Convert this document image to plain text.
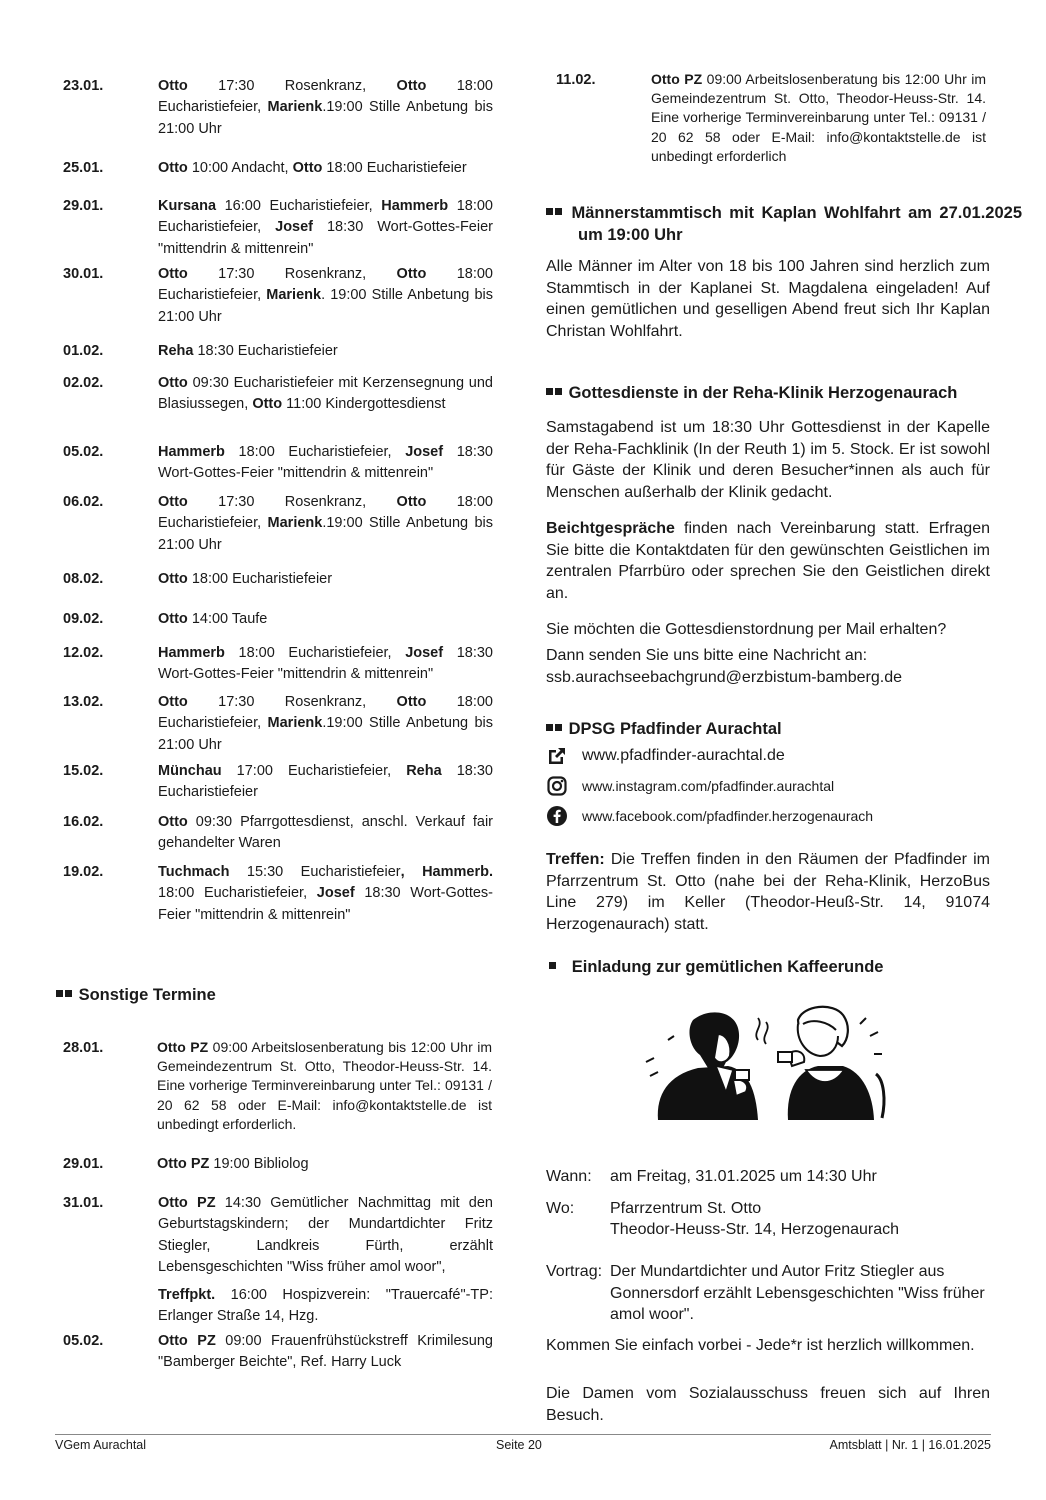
23.01.	Otto 17:30 Rosenkranz, Otto 18:00 Eucharistiefeier, Marienk.19:00 Stille Anbetung bis 21:00 Uhr
25.01.	Otto 10:00 Andacht, Otto 18:00 Eucharistiefeier
29.01.	Kursana 16:00 Eucharistiefeier, Hammerb 18:00 Eucharistiefeier, Josef 18:30 Wort-Gottes-Feier "mittendrin & mittenrein"
30.01.	Otto 17:30 Rosenkranz, Otto 18:00 Eucharistiefeier, Marienk. 19:00 Stille Anbetung bis 21:00 Uhr
01.02.	Reha 18:30 Eucharistiefeier
02.02.	Otto 09:30 Eucharistiefeier mit Kerzensegnung und Blasiussegen, Otto 11:00 Kindergottesdienst
05.02.	Hammerb 18:00 Eucharistiefeier, Josef 18:30 Wort-Gottes-Feier "mittendrin & mittenrein"
06.02.	Otto 17:30 Rosenkranz, Otto 18:00 Eucharistiefeier, Marienk.19:00 Stille Anbetung bis 21:00 Uhr
08.02.	Otto 18:00 Eucharistiefeier
09.02.	Otto 14:00 Taufe
12.02.	Hammerb 18:00 Eucharistiefeier, Josef 18:30 Wort-Gottes-Feier "mittendrin & mittenrein"
13.02.	Otto 17:30 Rosenkranz, Otto 18:00 Eucharistiefeier, Marienk.19:00 Stille Anbetung bis 21:00 Uhr
15.02.	Münchau 17:00 Eucharistiefeier, Reha 18:30 Eucharistiefeier
16.02.	Otto 09:30 Pfarrgottesdienst, anschl. Verkauf fair gehandelter Waren
19.02.	Tuchmach 15:30 Eucharistiefeier, Hammerb. 18:00 Eucharistiefeier, Josef 18:30 Wort-Gottes-Feier "mittendrin & mittenrein"
Sonstige Termine
28.01.	Otto PZ 09:00 Arbeitslosenberatung bis 12:00 Uhr im Gemeindezentrum St. Otto, Theodor-Heuss-Str. 14. Eine vorherige Terminvereinbarung unter Tel.: 09131 / 20 62 58 oder E-Mail: info@kontaktstelle.de ist unbedingt erforderlich.
29.01.	Otto PZ 19:00 Bibliolog
31.01.	Otto PZ 14:30 Gemütlicher Nachmittag mit den Geburtstagskindern; der Mundartdichter Fritz Stiegler, Landkreis Fürth, erzählt Lebensgeschichten "Wiss früher amol woor",
Treffpkt. 16:00 Hospizverein: "Trauercafé"-TP: Erlanger Straße 14, Hzg.
05.02.	Otto PZ 09:00 Frauenfrühstückstreff Krimilesung "Bamberger Beichte", Ref. Harry Luck
11.02.	Otto PZ 09:00 Arbeitslosenberatung bis 12:00 Uhr im Gemeindezentrum St. Otto, Theodor-Heuss-Str. 14. Eine vorherige Terminvereinbarung unter Tel.: 09131 / 20 62 58 oder E-Mail: info@kontaktstelle.de ist unbedingt erforderlich
Männerstammtisch mit Kaplan Wohlfahrt am 27.01.2025 um 19:00 Uhr
Alle Männer im Alter von 18 bis 100 Jahren sind herzlich zum Stammtisch in der Kaplanei St. Magdalena eingeladen! Auf einen gemütlichen und geselligen Abend freut sich Ihr Kaplan Christan Wohlfahrt.
Gottesdienste in der Reha-Klinik Herzogenaurach
Samstagabend ist um 18:30 Uhr Gottesdienst in der Kapelle der Reha-Fachklinik (In der Reuth 1) im 5. Stock. Er ist sowohl für Gäste der Klinik und deren Besucher*innen als auch für Menschen außerhalb der Klinik gedacht.
Beichtgespräche finden nach Vereinbarung statt. Erfragen Sie bitte die Kontaktdaten für den gewünschten Geistlichen im zentralen Pfarrbüro oder sprechen Sie den Geistlichen direkt an.
Sie möchten die Gottesdienstordnung per Mail erhalten?
Dann senden Sie uns bitte eine Nachricht an:
ssb.aurachseebachgrund@erzbistum-bamberg.de
DPSG Pfadfinder Aurachtal
www.pfadfinder-aurachtal.de
www.instagram.com/pfadfinder.aurachtal
www.facebook.com/pfadfinder.herzogenaurach
Treffen: Die Treffen finden in den Räumen der Pfadfinder im Pfarrzentrum St. Otto (nahe bei der Reha-Klinik, HerzoBus Line 279) im Keller (Theodor-Heuß-Str. 14, 91074 Herzogenaurach) statt.
Einladung zur gemütlichen Kaffeerunde
Wann: am Freitag, 31.01.2025 um 14:30 Uhr
Wo: Pfarrzentrum St. Otto
Theodor-Heuss-Str. 14, Herzogenaurach
Vortrag: Der Mundartdichter und Autor Fritz Stiegler aus Gonnersdorf erzählt Lebensgeschichten "Wiss früher amol woor".
Kommen Sie einfach vorbei - Jede*r ist herzlich willkommen.
Die Damen vom Sozialausschuss freuen sich auf Ihren Besuch.
VGem Aurachtal	Seite 20	Amtsblatt | Nr. 1 | 16.01.2025
